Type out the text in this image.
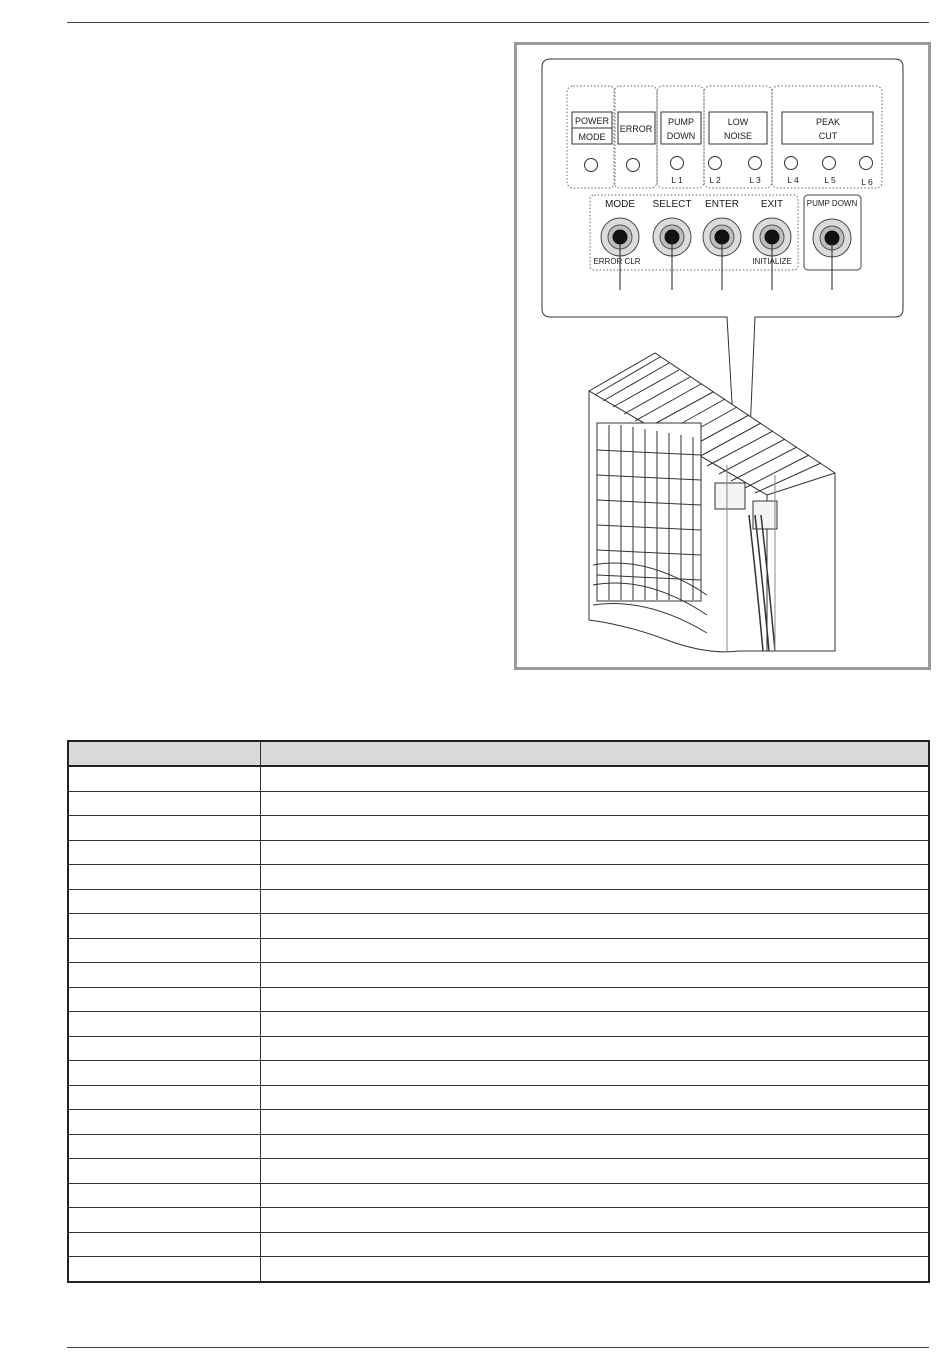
POWER
MODE
ERROR
PUMP
DOWN
LOW
NOISE
PEAK
CUT
L 1	L 2	L 3	L 4	L 5	L 6
MODE SELECT ENTER EXIT	PUMP DOWN
ERROR CLR	INITIALIZE
